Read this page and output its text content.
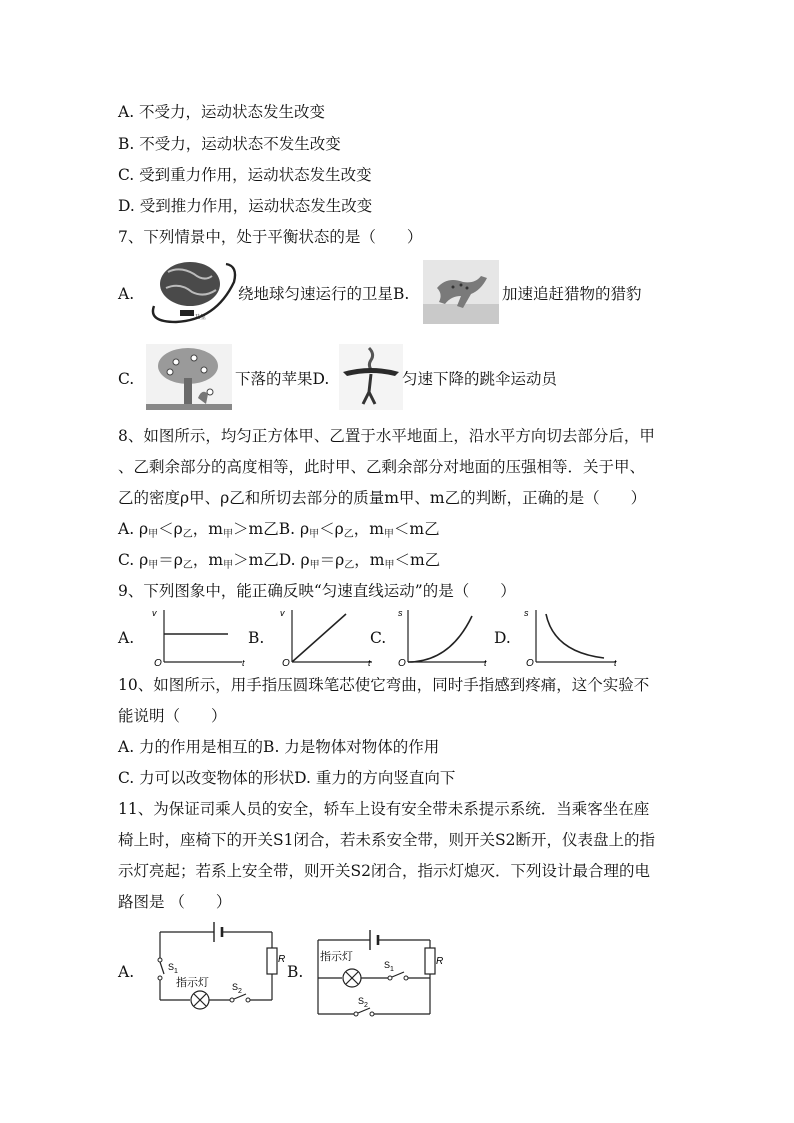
A. 不受力，运动状态发生改变
B. 不受力，运动状态不发生改变
C. 受到重力作用，运动状态发生改变
D. 受到推力作用，运动状态发生改变
7、下列情景中，处于平衡状态的是（　　）
A.
卫星
绕地球匀速运行的卫星B.	加速追赶猎物的猎豹
C.	下落的苹果D.	匀速下降的跳伞运动员
8、如图所示，均匀正方体甲、乙置于水平地面上，沿水平方向切去部分后，甲
、乙剩余部分的高度相等，此时甲、乙剩余部分对地面的压强相等．关于甲、
乙的密度ρ甲、ρ乙和所切去部分的质量m甲、m乙的判断，正确的是（　　）
A. $\rho_甲<\rho_乙$，$m_甲>m$乙B. $\rho_甲<\rho_乙$，$m_甲<m$乙
C. $\rho_甲=\rho_乙$，$m_甲>m$乙D. $\rho_甲=\rho_乙$，$m_甲<m$乙
9、下列图象中，能正确反映“匀速直线运动”的是（　　）
A.
v
t
O
B.
v
t
O
C.
s
t
O
D.
s
t
O
10、如图所示，用手指压圆珠笔芯使它弯曲，同时手指感到疼痛，这个实验不
能说明（　　）
A. 力的作用是相互的B. 力是物体对物体的作用
C. 力可以改变物体的形状D. 重力的方向竖直向下
11、为保证司乘人员的安全，轿车上设有安全带未系提示系统．当乘客坐在座
椅上时，座椅下的开关S1闭合，若未系安全带，则开关S2断开，仪表盘上的指
示灯亮起；若系上安全带，则开关S2闭合，指示灯熄灭．下列设计最合理的电
路图是 （　　）
A.
R
$S_1$
指示灯	$S_2$
B.
R
指示灯
$S_1$
$S_2$
